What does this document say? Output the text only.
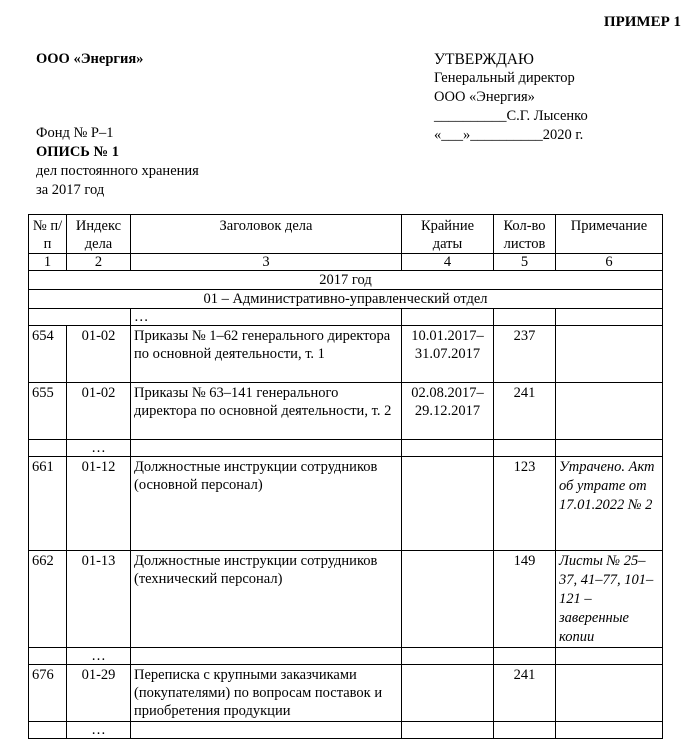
ПРИМЕР 1
ООО «Энергия»	УТВЕРЖДАЮ
Генеральный директор
ООО «Энергия»
__________С.Г. Лысенко
«___»__________2020 г.
Фонд № Р–1
ОПИСЬ № 1
дел постоянного хранения
за 2017 год
№ п/п	Индекс дела	Заголовок дела	Крайние даты	Кол-во листов	Примечание
1	2	3	4	5	6
2017 год					
01 – Административно-управленческий отдел					
		…			
654	01-02	Приказы № 1–62 генерального директора по основной деятельности, т. 1	10.01.2017–31.07.2017	237	
655	01-02	Приказы № 63–141 генерального директора по основной деятельности, т. 2	02.08.2017–29.12.2017	241	
	…				
661	01-12	Должностные инструкции сотрудников (основной персонал)		123	Утрачено. Акт об утрате от 17.01.2022 № 2
662	01-13	Должностные инструкции сотрудников (технический персонал)		149	Листы № 25–37, 41–77, 101–121 – заверенные копии
	…				
676	01-29	Переписка с крупными заказчиками (покупателями) по вопросам поставок и приобретения продукции		241	
	…				
